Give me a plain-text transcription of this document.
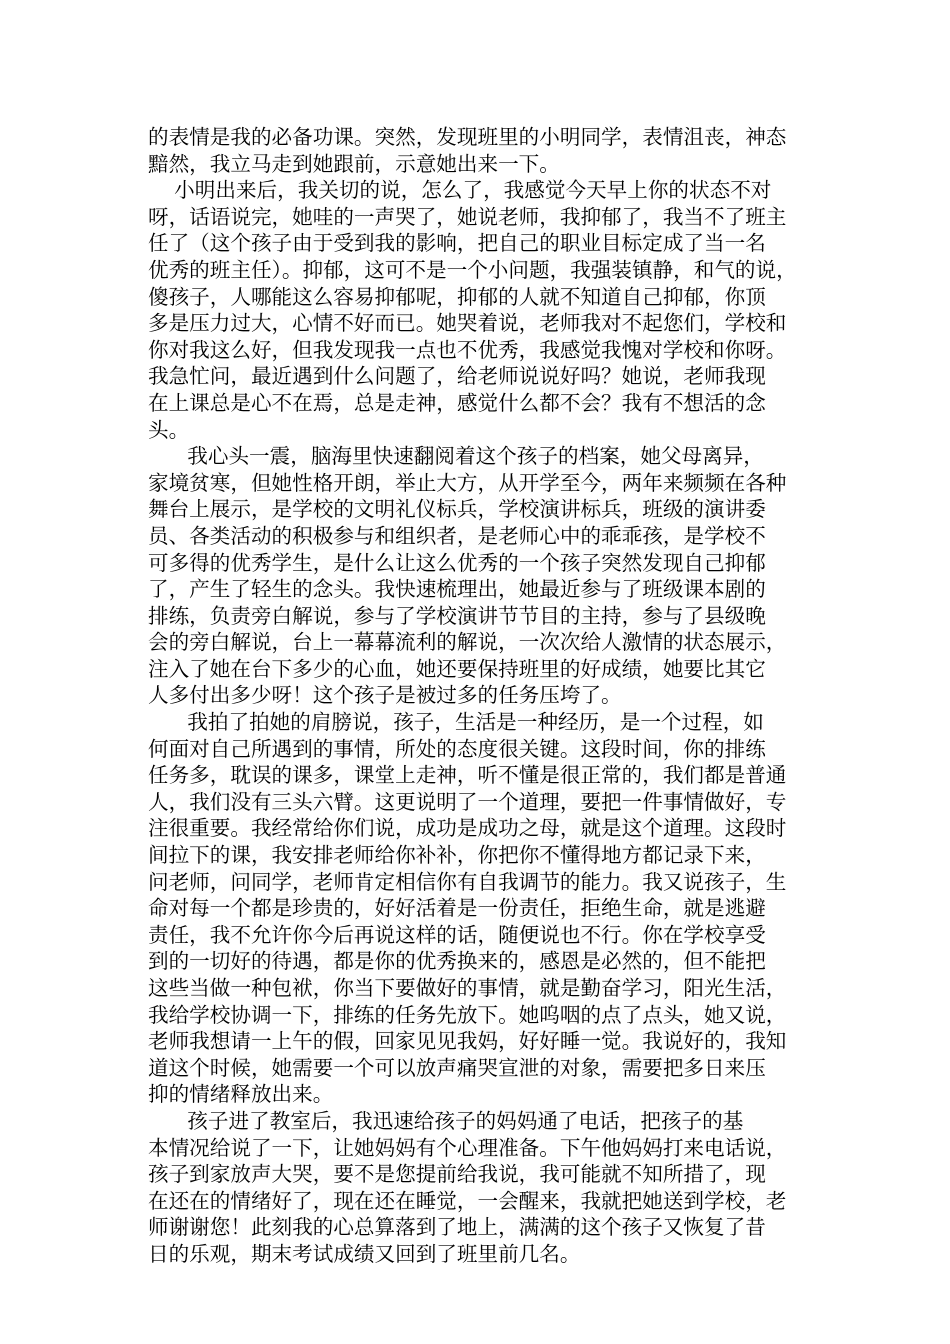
的表情是我的必备功课。突然，发现班里的小明同学，表情沮丧，神态
黯然，我立马走到她跟前，示意她出来一下。
小明出来后，我关切的说，怎么了，我感觉今天早上你的状态不对
呀，话语说完，她哇的一声哭了，她说老师，我抑郁了，我当不了班主
任了（这个孩子由于受到我的影响，把自己的职业目标定成了当一名
优秀的班主任）。抑郁，这可不是一个小问题，我强装镇静，和气的说，
傻孩子，人哪能这么容易抑郁呢，抑郁的人就不知道自己抑郁，你顶
多是压力过大，心情不好而已。她哭着说，老师我对不起您们，学校和
你对我这么好，但我发现我一点也不优秀，我感觉我愧对学校和你呀。
我急忙问，最近遇到什么问题了，给老师说说好吗？她说，老师我现
在上课总是心不在焉，总是走神，感觉什么都不会？我有不想活的念
头。
我心头一震，脑海里快速翻阅着这个孩子的档案，她父母离异，
家境贫寒，但她性格开朗，举止大方，从开学至今，两年来频频在各种
舞台上展示，是学校的文明礼仪标兵，学校演讲标兵，班级的演讲委
员、各类活动的积极参与和组织者，是老师心中的乖乖孩，是学校不
可多得的优秀学生，是什么让这么优秀的一个孩子突然发现自己抑郁
了，产生了轻生的念头。我快速梳理出，她最近参与了班级课本剧的
排练，负责旁白解说，参与了学校演讲节节目的主持，参与了县级晚
会的旁白解说，台上一幕幕流利的解说，一次次给人激情的状态展示，
注入了她在台下多少的心血，她还要保持班里的好成绩，她要比其它
人多付出多少呀！这个孩子是被过多的任务压垮了。
我拍了拍她的肩膀说，孩子，生活是一种经历，是一个过程，如
何面对自己所遇到的事情，所处的态度很关键。这段时间，你的排练
任务多，耽误的课多，课堂上走神，听不懂是很正常的，我们都是普通
人，我们没有三头六臂。这更说明了一个道理，要把一件事情做好，专
注很重要。我经常给你们说，成功是成功之母，就是这个道理。这段时
间拉下的课，我安排老师给你补补，你把你不懂得地方都记录下来，
问老师，问同学，老师肯定相信你有自我调节的能力。我又说孩子，生
命对每一个都是珍贵的，好好活着是一份责任，拒绝生命，就是逃避
责任，我不允许你今后再说这样的话，随便说也不行。你在学校享受
到的一切好的待遇，都是你的优秀换来的，感恩是必然的，但不能把
这些当做一种包袱，你当下要做好的事情，就是勤奋学习，阳光生活，
我给学校协调一下，排练的任务先放下。她呜咽的点了点头，她又说，
老师我想请一上午的假，回家见见我妈，好好睡一觉。我说好的，我知
道这个时候，她需要一个可以放声痛哭宣泄的对象，需要把多日来压
抑的情绪释放出来。
孩子进了教室后，我迅速给孩子的妈妈通了电话，把孩子的基
本情况给说了一下，让她妈妈有个心理准备。下午他妈妈打来电话说，
孩子到家放声大哭，要不是您提前给我说，我可能就不知所措了，现
在还在的情绪好了，现在还在睡觉，一会醒来，我就把她送到学校，老
师谢谢您！此刻我的心总算落到了地上，满满的这个孩子又恢复了昔
日的乐观，期末考试成绩又回到了班里前几名。
